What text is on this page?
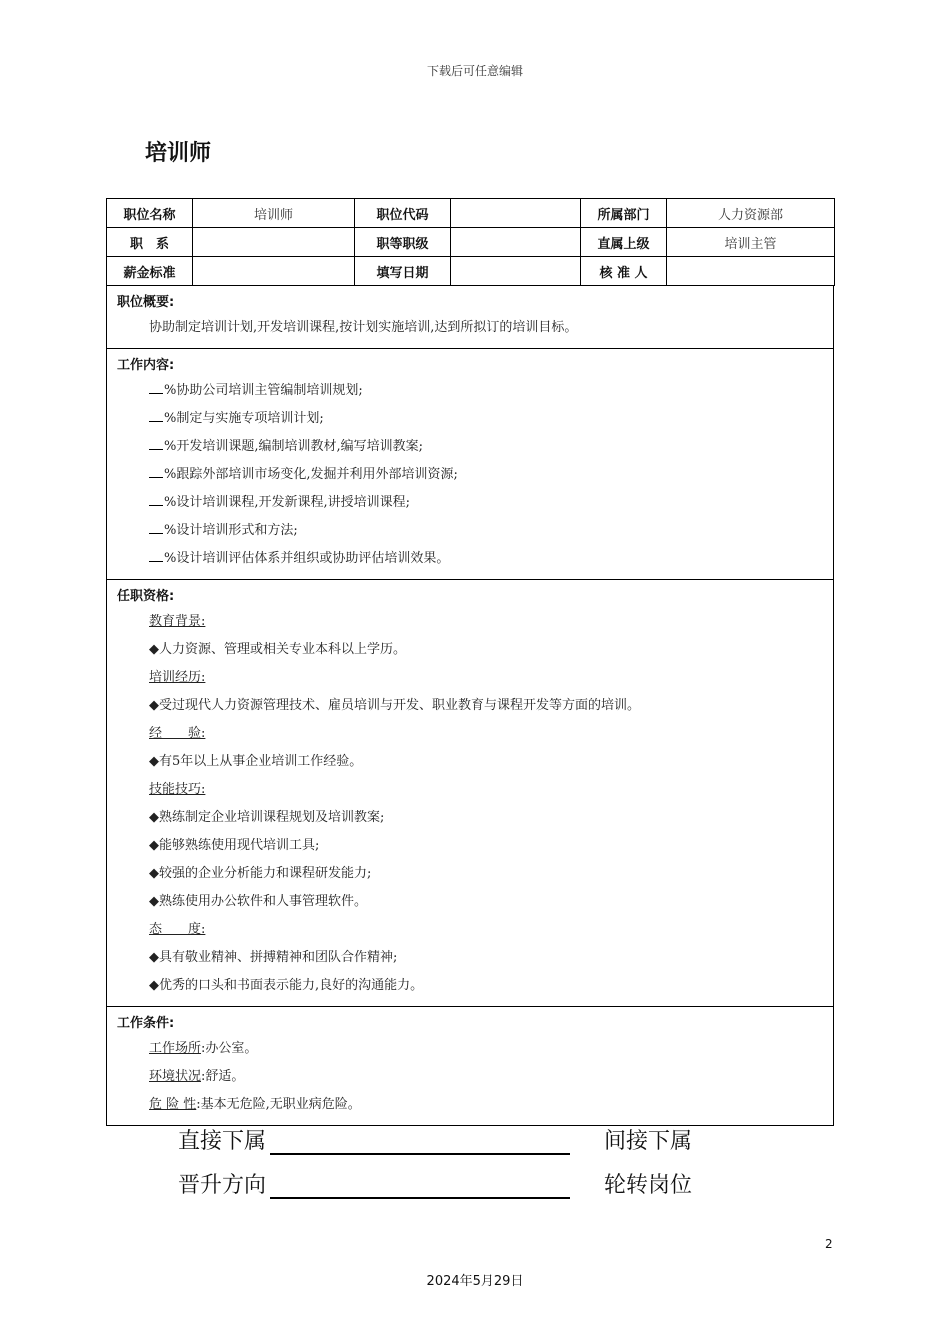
下载后可任意编辑
培训师
职位名称	培训师	职位代码		所属部门	人力资源部
职　系		职等职级		直属上级	培训主管
薪金标准		填写日期		核 准 人	
职位概要:
协助制定培训计划,开发培训课程,按计划实施培训,达到所拟订的培训目标。
工作内容:
%协助公司培训主管编制培训规划;
%制定与实施专项培训计划;
%开发培训课题,编制培训教材,编写培训教案;
%跟踪外部培训市场变化,发掘并利用外部培训资源;
%设计培训课程,开发新课程,讲授培训课程;
%设计培训形式和方法;
%设计培训评估体系并组织或协助评估培训效果。
任职资格:
教育背景:
◆人力资源、管理或相关专业本科以上学历。
培训经历:
◆受过现代人力资源管理技术、雇员培训与开发、职业教育与课程开发等方面的培训。
经　　验:
◆有5年以上从事企业培训工作经验。
技能技巧:
◆熟练制定企业培训课程规划及培训教案;
◆能够熟练使用现代培训工具;
◆较强的企业分析能力和课程研发能力;
◆熟练使用办公软件和人事管理软件。
态　　度:
◆具有敬业精神、拼搏精神和团队合作精神;
◆优秀的口头和书面表示能力,良好的沟通能力。
工作条件:
工作场所:办公室。
环境状况:舒适。
危 险 性:基本无危险,无职业病危险。
直接下属	间接下属
晋升方向	轮转岗位
2
2024年5月29日
